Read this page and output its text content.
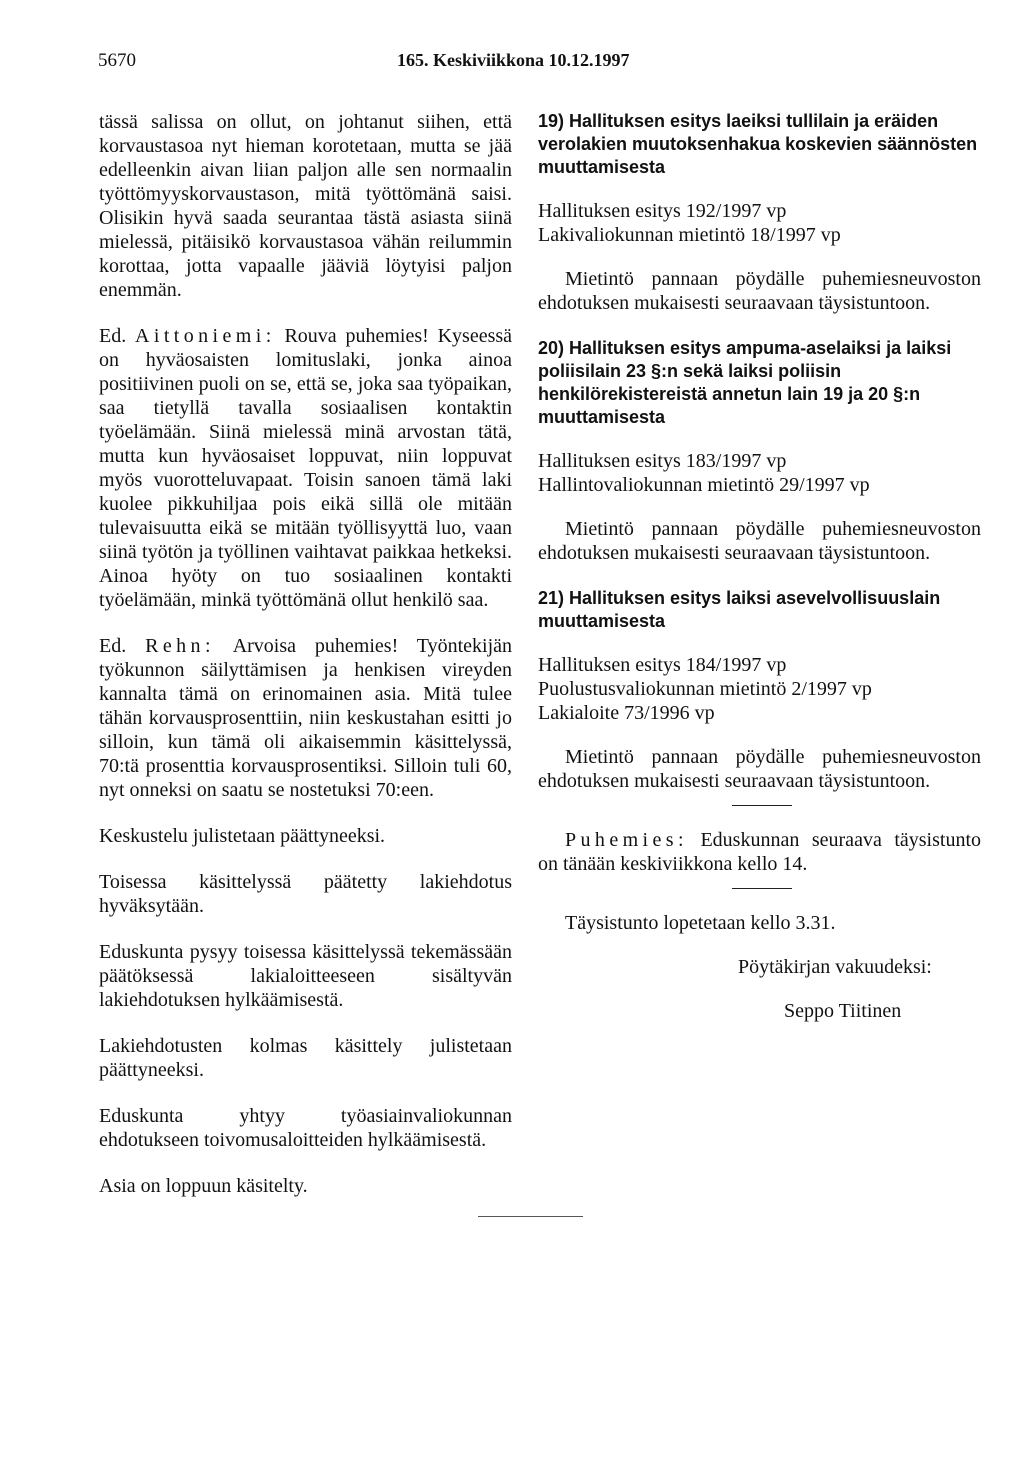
5670	165. Keskiviikkona 10.12.1997

tässä salissa on ollut, on johtanut siihen, että korvaustasoa nyt hieman korotetaan, mutta se jää edelleenkin aivan liian paljon alle sen normaalin työttömyyskorvaustason, mitä työttömänä saisi. Olisikin hyvä saada seurantaa tästä asiasta siinä mielessä, pitäisikö korvaustasoa vähän reilummin korottaa, jotta vapaalle jääviä löytyisi paljon enemmän.

Ed. Aittoniemi: Rouva puhemies! Kyseessä on hyväosaisten lomituslaki, jonka ainoa positiivinen puoli on se, että se, joka saa työpaikan, saa tietyllä tavalla sosiaalisen kontaktin työelämään. Siinä mielessä minä arvostan tätä, mutta kun hyväosaiset loppuvat, niin loppuvat myös vuorotteluvapaat. Toisin sanoen tämä laki kuolee pikkuhiljaa pois eikä sillä ole mitään tulevaisuutta eikä se mitään työllisyyttä luo, vaan siinä työtön ja työllinen vaihtavat paikkaa hetkeksi. Ainoa hyöty on tuo sosiaalinen kontakti työelämään, minkä työttömänä ollut henkilö saa.

Ed. Rehn: Arvoisa puhemies! Työntekijän työkunnon säilyttämisen ja henkisen vireyden kannalta tämä on erinomainen asia. Mitä tulee tähän korvausprosenttiin, niin keskustahan esitti jo silloin, kun tämä oli aikaisemmin käsittelyssä, 70:tä prosenttia korvausprosentiksi. Silloin tuli 60, nyt onneksi on saatu se nostetuksi 70:een.

Keskustelu julistetaan päättyneeksi.

Toisessa käsittelyssä päätetty lakiehdotus hyväksytään.

Eduskunta pysyy toisessa käsittelyssä tekemässään päätöksessä lakialoitteeseen sisältyvän lakiehdotuksen hylkäämisestä.

Lakiehdotusten kolmas käsittely julistetaan päättyneeksi.

Eduskunta yhtyy työasiainvaliokunnan ehdotukseen toivomusaloitteiden hylkäämisestä.

Asia on loppuun käsitelty.

19) Hallituksen esitys laeiksi tullilain ja eräiden verolakien muutoksenhakua koskevien säännösten muuttamisesta

Hallituksen esitys 192/1997 vp
Lakivaliokunnan mietintö 18/1997 vp

Mietintö pannaan pöydälle puhemiesneuvoston ehdotuksen mukaisesti seuraavaan täysistuntoon.

20) Hallituksen esitys ampuma-aselaiksi ja laiksi poliisilain 23 §:n sekä laiksi poliisin henkilörekistereistä annetun lain 19 ja 20 §:n muuttamisesta

Hallituksen esitys 183/1997 vp
Hallintovaliokunnan mietintö 29/1997 vp

Mietintö pannaan pöydälle puhemiesneuvoston ehdotuksen mukaisesti seuraavaan täysistuntoon.

21) Hallituksen esitys laiksi asevelvollisuuslain muuttamisesta

Hallituksen esitys 184/1997 vp
Puolustusvaliokunnan mietintö 2/1997 vp
Lakialoite 73/1996 vp

Mietintö pannaan pöydälle puhemiesneuvoston ehdotuksen mukaisesti seuraavaan täysistuntoon.

Puhemies: Eduskunnan seuraava täysistunto on tänään keskiviikkona kello 14.

Täysistunto lopetetaan kello 3.31.

Pöytäkirjan vakuudeksi:

Seppo Tiitinen
